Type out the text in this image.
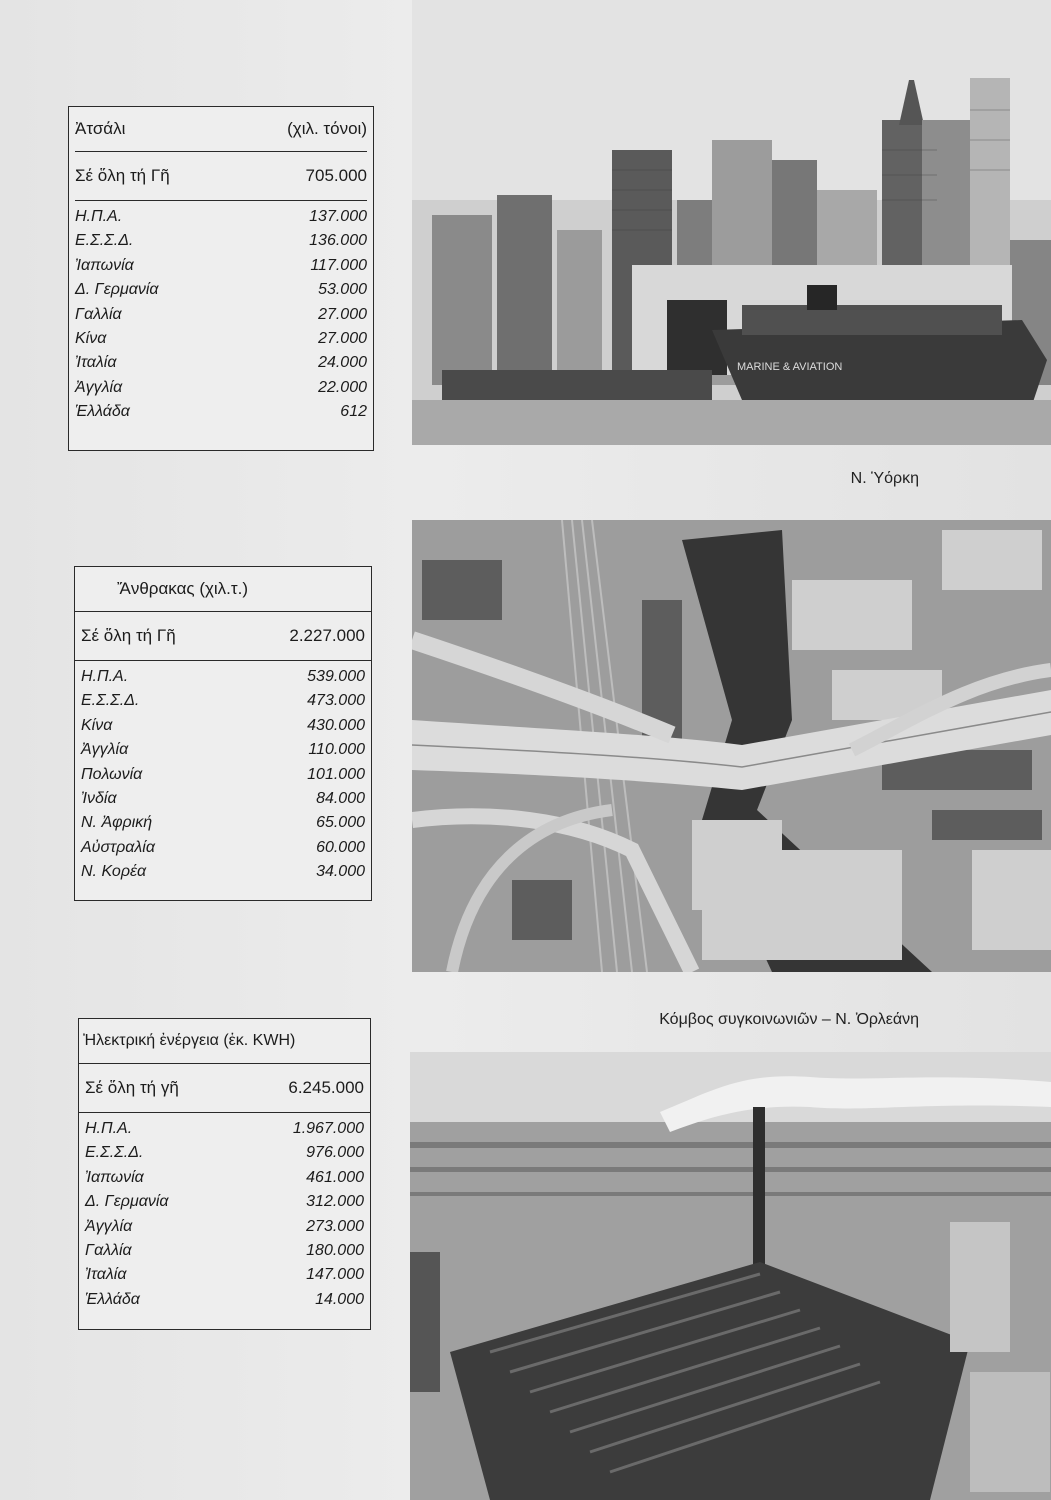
Ἀτσάλι	(χιλ. τόνοι)
Σέ ὅλη τή Γῆ	705.000
Η.Π.Α.	137.000
Ε.Σ.Σ.Δ.	136.000
Ἰαπωνία	117.000
Δ. Γερμανία	53.000
Γαλλία	27.000
Κίνα	27.000
Ἰταλία	24.000
Ἀγγλία	22.000
Ἑλλάδα	612
Ἄνθρακας (χιλ.τ.)
Σέ ὅλη τή Γῆ	2.227.000
Η.Π.Α.	539.000
Ε.Σ.Σ.Δ.	473.000
Κίνα	430.000
Ἀγγλία	110.000
Πολωνία	101.000
Ἰνδία	84.000
Ν. Ἀφρική	65.000
Αὐστραλία	60.000
Ν. Κορέα	34.000
Ἠλεκτρική ἐνέργεια (ἑκ. KWH)
Σέ ὅλη τή γῆ	6.245.000
Η.Π.Α.	1.967.000
Ε.Σ.Σ.Δ.	976.000
Ἰαπωνία	461.000
Δ. Γερμανία	312.000
Ἀγγλία	273.000
Γαλλία	180.000
Ἰταλία	147.000
Ἑλλάδα	14.000
MARINE & AVIATION
Ν. Ὑόρκη
Κόμβος συγκοινωνιῶν – Ν. Ὀρλεάνη
